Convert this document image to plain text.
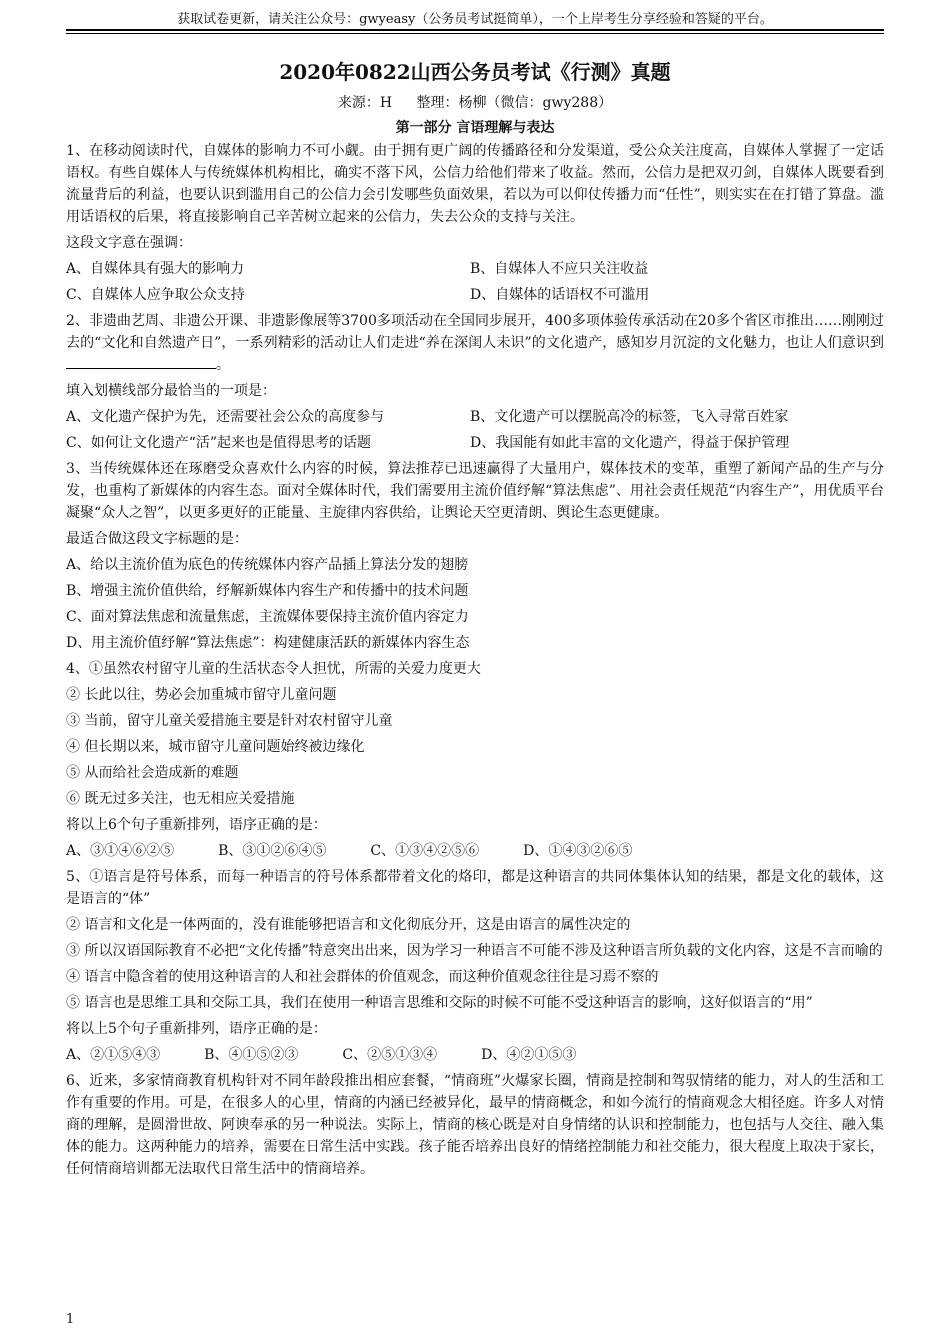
获取试卷更新，请关注公众号：gwyeasy（公务员考试挺简单），一个上岸考生分享经验和答疑的平台。
2020年0822山西公务员考试《行测》真题
来源：H 整理：杨柳（微信：gwy288）
第一部分 言语理解与表达
1、在移动阅读时代，自媒体的影响力不可小觑。由于拥有更广阔的传播路径和分发渠道，受公众关注度高，自媒体人掌握了一定话语权。有些自媒体人与传统媒体机构相比，确实不落下风，公信力给他们带来了收益。然而，公信力是把双刃剑，自媒体人既要看到流量背后的利益，也要认识到滥用自己的公信力会引发哪些负面效果，若以为可以仰仗传播力而“任性”，则实实在在打错了算盘。滥用话语权的后果，将直接影响自己辛苦树立起来的公信力，失去公众的支持与关注。
这段文字意在强调：
A、自媒体具有强大的影响力	B、自媒体人不应只关注收益
C、自媒体人应争取公众支持	D、自媒体的话语权不可滥用
2、非遗曲艺周、非遗公开课、非遗影像展等3700多项活动在全国同步展开，400多项体验传承活动在20多个省区市推出……刚刚过去的“文化和自然遗产日”，一系列精彩的活动让人们走进“养在深闺人未识”的文化遗产，感知岁月沉淀的文化魅力，也让人们意识到。
填入划横线部分最恰当的一项是：
A、文化遗产保护为先，还需要社会公众的高度参与	B、文化遗产可以摆脱高冷的标签，飞入寻常百姓家
C、如何让文化遗产“活”起来也是值得思考的话题	D、我国能有如此丰富的文化遗产，得益于保护管理
3、当传统媒体还在琢磨受众喜欢什么内容的时候，算法推荐已迅速赢得了大量用户，媒体技术的变革，重塑了新闻产品的生产与分发，也重构了新媒体的内容生态。面对全媒体时代，我们需要用主流价值纾解“算法焦虑”、用社会责任规范“内容生产”，用优质平台凝聚“众人之智”，以更多更好的正能量、主旋律内容供给，让舆论天空更清朗、舆论生态更健康。
最适合做这段文字标题的是：
A、给以主流价值为底色的传统媒体内容产品插上算法分发的翅膀
B、增强主流价值供给，纾解新媒体内容生产和传播中的技术问题
C、面对算法焦虑和流量焦虑，主流媒体要保持主流价值内容定力
D、用主流价值纾解“算法焦虑”：构建健康活跃的新媒体内容生态
4、①虽然农村留守儿童的生活状态令人担忧，所需的关爱力度更大
② 长此以往，势必会加重城市留守儿童问题
③ 当前，留守儿童关爱措施主要是针对农村留守儿童
④ 但长期以来，城市留守儿童问题始终被边缘化
⑤ 从而给社会造成新的难题
⑥ 既无过多关注，也无相应关爱措施
将以上6个句子重新排列，语序正确的是：
A、③①④⑥②⑤	B、③①②⑥④⑤	C、①③④②⑤⑥	D、①④③②⑥⑤
5、①语言是符号体系，而每一种语言的符号体系都带着文化的烙印，都是这种语言的共同体集体认知的结果，都是文化的载体，这是语言的“体”
② 语言和文化是一体两面的，没有谁能够把语言和文化彻底分开，这是由语言的属性决定的
③ 所以汉语国际教育不必把“文化传播”特意突出出来，因为学习一种语言不可能不涉及这种语言所负载的文化内容，这是不言而喻的
④ 语言中隐含着的使用这种语言的人和社会群体的价值观念，而这种价值观念往往是习焉不察的
⑤ 语言也是思维工具和交际工具，我们在使用一种语言思维和交际的时候不可能不受这种语言的影响，这好似语言的“用”
将以上5个句子重新排列，语序正确的是：
A、②①⑤④③	B、④①⑤②③	C、②⑤①③④	D、④②①⑤③
6、近来，多家情商教育机构针对不同年龄段推出相应套餐，“情商班”火爆家长圈，情商是控制和驾驭情绪的能力，对人的生活和工作有重要的作用。可是，在很多人的心里，情商的内涵已经被异化，最早的情商概念，和如今流行的情商观念大相径庭。许多人对情商的理解，是圆滑世故、阿谀奉承的另一种说法。实际上，情商的核心既是对自身情绪的认识和控制能力，也包括与人交往、融入集体的能力。这两种能力的培养，需要在日常生活中实践。孩子能否培养出良好的情绪控制能力和社交能力，很大程度上取决于家长，任何情商培训都无法取代日常生活中的情商培养。
1
